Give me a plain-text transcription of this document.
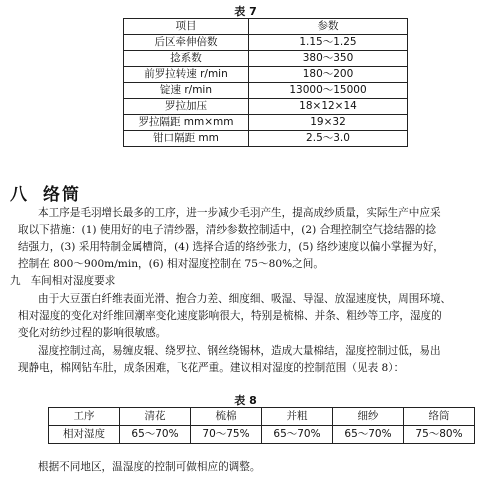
表 7
项目	参数
后区牵伸倍数	1.15～1.25
捻系数	380～350
前罗拉转速 r/min	180～200
锭速 r/min	13000～15000
罗拉加压	18×12×14
罗拉隔距 mm×mm	19×32
钳口隔距 mm	2.5～3.0
八 络筒
本工序是毛羽增长最多的工序，进一步减少毛羽产生，提高成纱质量，实际生产中应采
取以下措施：(1) 使用好的电子清纱器，清纱参数控制适中，(2) 合理控制空气捻结器的捻
结强力，(3) 采用特制金属槽筒，(4) 选择合适的络纱张力，(5) 络纱速度以偏小掌握为好，
控制在 800～900m/min，(6) 相对湿度控制在 75～80%之间。
九 车间相对湿度要求
由于大豆蛋白纤维表面光滑、抱合力差、细度细、吸湿、导湿、放湿速度快，周围环境、
相对湿度的变化对纤维回潮率变化速度影响很大，特别是梳棉、并条、粗纱等工序，湿度的
变化对纺纱过程的影响很敏感。
湿度控制过高，易缠皮辊、绕罗拉、钢丝绕锡林，造成大量棉结，湿度控制过低，易出
现静电，棉网钻车肚，成条困难，飞花严重。建议相对湿度的控制范围（见表 8）：
表 8
工序	清花	梳棉	并粗	细纱	络筒
相对湿度	65～70%	70～75%	65～70%	65～70%	75～80%
根据不同地区，温湿度的控制可做相应的调整。
